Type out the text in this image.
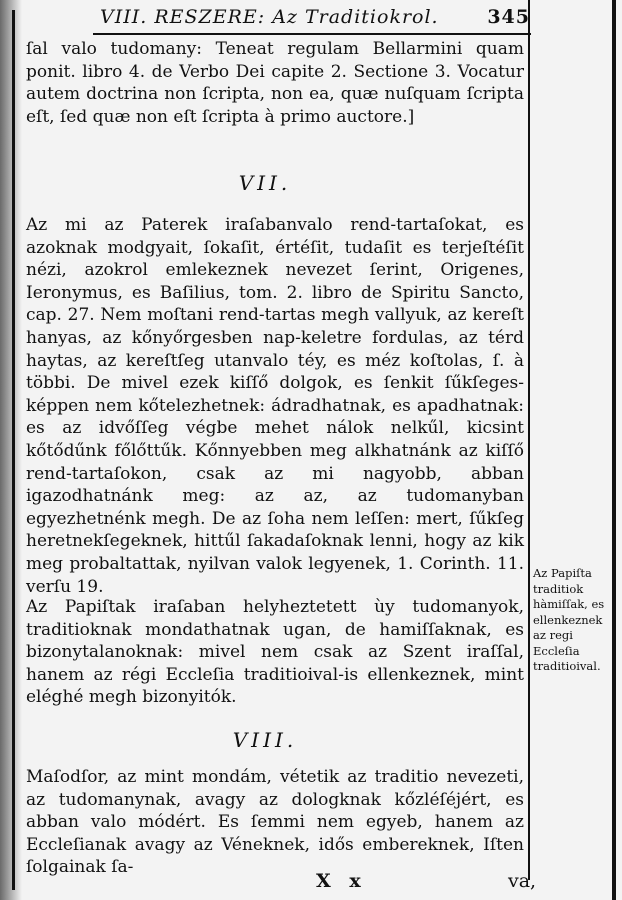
VIII. RESZERE: Az Traditiokrol.	345
ſal valo tudomany: Teneat regulam Bellarmini quam ponit. libro 4. de Verbo Dei capite 2. Sectione 3. Vocatur autem doctrina non ſcripta, non ea, quæ nuſquam ſcripta eſt, ſed quæ non eſt ſcripta à primo auctore.]
VII.
Az mi az Paterek iraſabanvalo rend-tartaſokat, es azoknak modgyait, ſokaſit, értéſit, tudaſit es terjeſtéſit nézi, azokrol emlekeznek nevezet ſerint, Origenes, Ieronymus, es Baſilius, tom. 2. libro de Spiritu Sancto, cap. 27. Nem moſtani rend-tartas megh vallyuk, az kereſt hanyas, az kőnyőrgesben nap-keletre fordulas, az térd haytas, az kereſtſeg utanvalo téy, es méz koſtolas, ſ. à többi. De mivel ezek kiſſő dolgok, es ſenkit ſűkſeges-képpen nem kőtelezhetnek: ádradhatnak, es apadhatnak: es az idvőſſeg végbe mehet nálok nelkűl, kicsint kőtődűnk főlőttűk. Kőnnyebben meg alkhatnánk az kiſſő rend-tartaſokon, csak az mi nagyobb, abban igazodhatnánk meg: az az, az tudomanyban egyezhetnénk megh. De az ſoha nem leſſen: mert, ſűkſeg heretnekſegeknek, hittűl ſakadaſoknak lenni, hogy az kik meg probaltattak, nyilvan valok legyenek, 1. Corinth. 11. verſu 19.
Az Papiſtak iraſaban helyheztetett ùy tudomanyok, traditioknak mondathatnak ugan, de hamiſſaknak, es bizonytalanoknak: mivel nem csak az Szent iraſſal, hanem az régi Eccleſia traditioival-is ellenkeznek, mint eléghé megh bizonyitók.
Az Papiſta traditiok hàmiſſak, es ellenkeznek az regi Eccleſia traditioival.
VIII.
Maſodſor, az mint mondám, vétetik az traditio nevezeti, az tudomanynak, avagy az dologknak kőzléſéjért, es abban valo módért. Es ſemmi nem egyeb, hanem az Eccleſianak avagy az Véneknek, idős embereknek, Iſten ſolgainak ſa-
X x	va,
